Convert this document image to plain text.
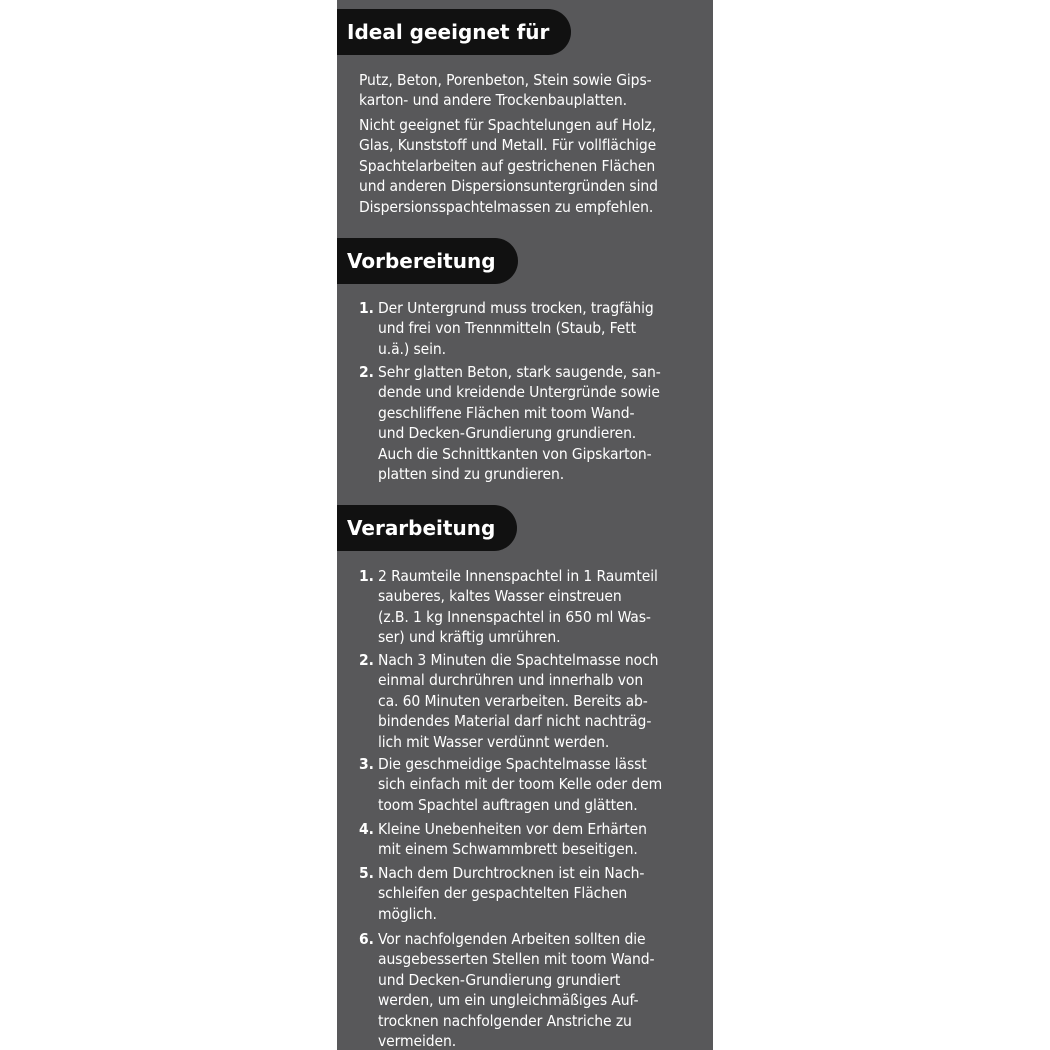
Ideal geeignet für

Putz, Beton, Porenbeton, Stein sowie Gips-
karton- und andere Trockenbauplatten.

Nicht geeignet für Spachtelungen auf Holz,
Glas, Kunststoff und Metall. Für vollflächige
Spachtelarbeiten auf gestrichenen Flächen
und anderen Dispersionsuntergründen sind
Dispersionsspachtelmassen zu empfehlen.

Vorbereitung
1. Der Untergrund muss trocken, tragfähig
und frei von Trennmitteln (Staub, Fett
u.ä.) sein.
2. Sehr glatten Beton, stark saugende, san-
dende und kreidende Untergründe sowie
geschliffene Flächen mit toom Wand-
und Decken-Grundierung grundieren.
Auch die Schnittkanten von Gipskarton-
platten sind zu grundieren.
Verarbeitung
1. 2 Raumteile Innenspachtel in 1 Raumteil
sauberes, kaltes Wasser einstreuen
(z.B. 1 kg Innenspachtel in 650 ml Was-
ser) und kräftig umrühren.
2. Nach 3 Minuten die Spachtelmasse noch
einmal durchrühren und innerhalb von
ca. 60 Minuten verarbeiten. Bereits ab-
bindendes Material darf nicht nachträg-
lich mit Wasser verdünnt werden.
3. Die geschmeidige Spachtelmasse lässt
sich einfach mit der toom Kelle oder dem
toom Spachtel auftragen und glätten.
4. Kleine Unebenheiten vor dem Erhärten
mit einem Schwammbrett beseitigen.
5. Nach dem Durchtrocknen ist ein Nach-
schleifen der gespachtelten Flächen
möglich.
6. Vor nachfolgenden Arbeiten sollten die
ausgebesserten Stellen mit toom Wand-
und Decken-Grundierung grundiert
werden, um ein ungleichmäßiges Auf-
trocknen nachfolgender Anstriche zu
vermeiden.
